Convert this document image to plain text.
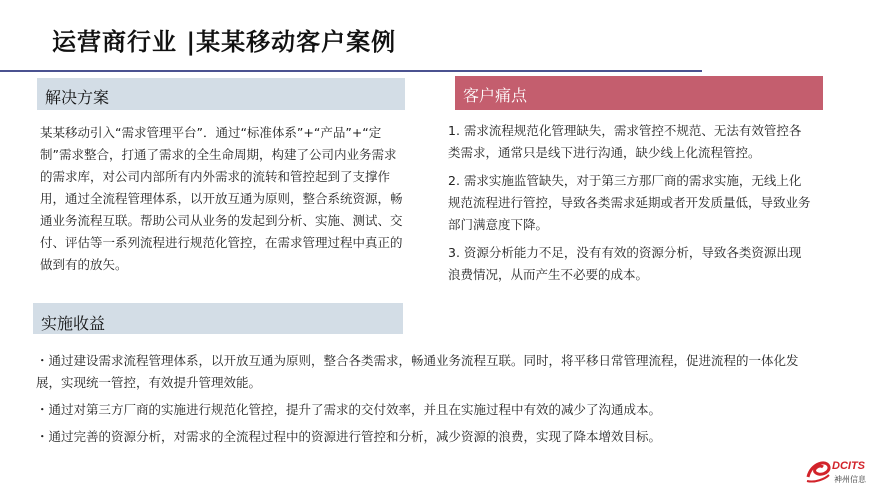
运营商行业 |某某移动客户案例
解决方案
某某移动引入“需求管理平台”．通过“标准体系”+“产品”+“定制”需求整合，打通了需求的全生命周期，构建了公司内业务需求的需求库，对公司内部所有内外需求的流转和管控起到了支撑作用，通过全流程管理体系，以开放互通为原则，整合系统资源，畅通业务流程互联。帮助公司从业务的发起到分析、实施、测试、交付、评估等一系列流程进行规范化管控，在需求管理过程中真正的做到有的放矢。
客户痛点

1. 需求流程规范化管理缺失，需求管控不规范、无法有效管控各类需求，通常只是线下进行沟通，缺少线上化流程管控。

2. 需求实施监管缺失，对于第三方那厂商的需求实施，无线上化规范流程进行管控，导致各类需求延期或者开发质量低，导致业务部门满意度下降。

3. 资源分析能力不足，没有有效的资源分析，导致各类资源出现浪费情况，从而产生不必要的成本。

实施收益

・通过建设需求流程管理体系，以开放互通为原则，整合各类需求，畅通业务流程互联。同时，将平移日常管理流程，促进流程的一体化发展，实现统一管控，有效提升管理效能。

・通过对第三方厂商的实施进行规范化管控，提升了需求的交付效率，并且在实施过程中有效的减少了沟通成本。

・通过完善的资源分析，对需求的全流程过程中的资源进行管控和分析，减少资源的浪费，实现了降本增效目标。

DCITS
神州信息
